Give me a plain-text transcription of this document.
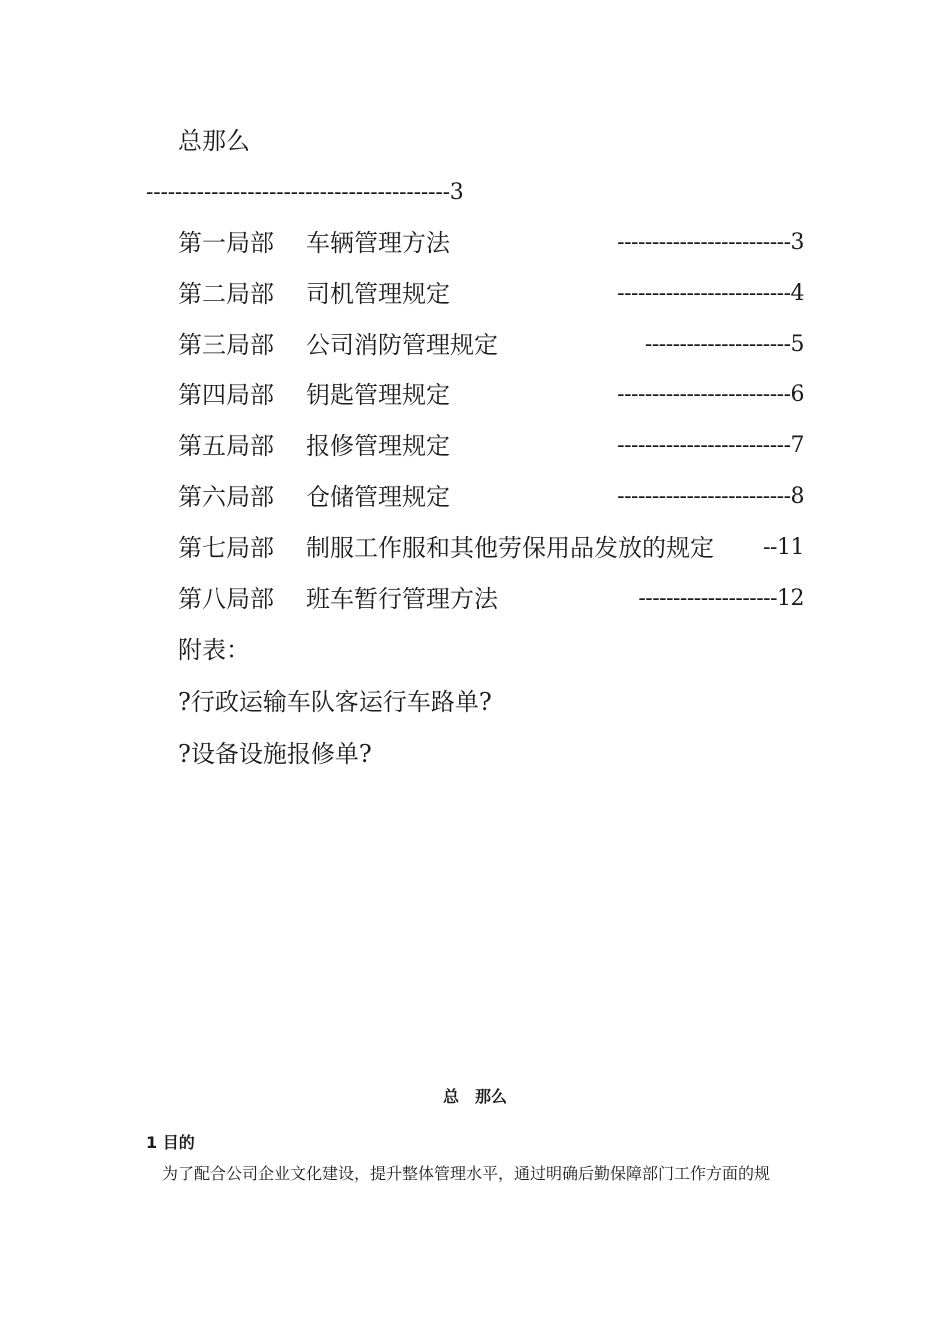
总那么
------------------------------------------3
第一局部 车辆管理方法	-------------------------3
第二局部 司机管理规定	-------------------------4
第三局部 公司消防管理规定	---------------------5
第四局部 钥匙管理规定	-------------------------6
第五局部 报修管理规定	-------------------------7
第六局部 仓储管理规定	-------------------------8
第七局部 制服工作服和其他劳保用品发放的规定 --11
第八局部 班车暂行管理方法	--------------------12
附表：
?行政运输车队客运行车路单?
?设备设施报修单?
总　那么
1 目的
为了配合公司企业文化建设，提升整体管理水平，通过明确后勤保障部门工作方面的规
